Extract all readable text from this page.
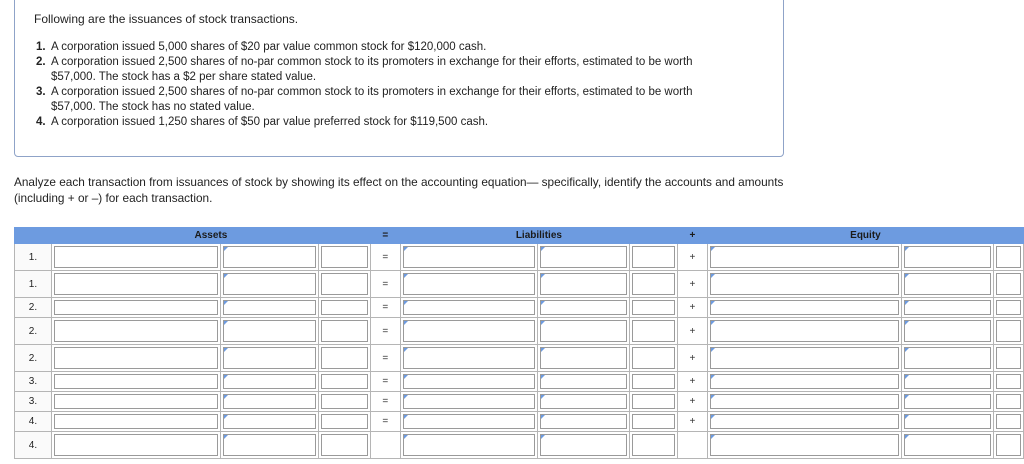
Following are the issuances of stock transactions.
1. A corporation issued 5,000 shares of $20 par value common stock for $120,000 cash.
2. A corporation issued 2,500 shares of no-par common stock to its promoters in exchange for their efforts, estimated to be worth $57,000. The stock has a $2 per share stated value.
3. A corporation issued 2,500 shares of no-par common stock to its promoters in exchange for their efforts, estimated to be worth $57,000. The stock has no stated value.
4. A corporation issued 1,250 shares of $50 par value preferred stock for $119,500 cash.
Analyze each transaction from issuances of stock by showing its effect on the accounting equation— specifically, identify the accounts and amounts (including + or –) for each transaction.
	Assets			=	Liabilities			+	Equity		
1.				=				+	

1.				=				+	

2.				=				+	

2.				=				+	

2.				=				+	

3.				=				+	

3.				=				+	

4.				=				+	

4.	
